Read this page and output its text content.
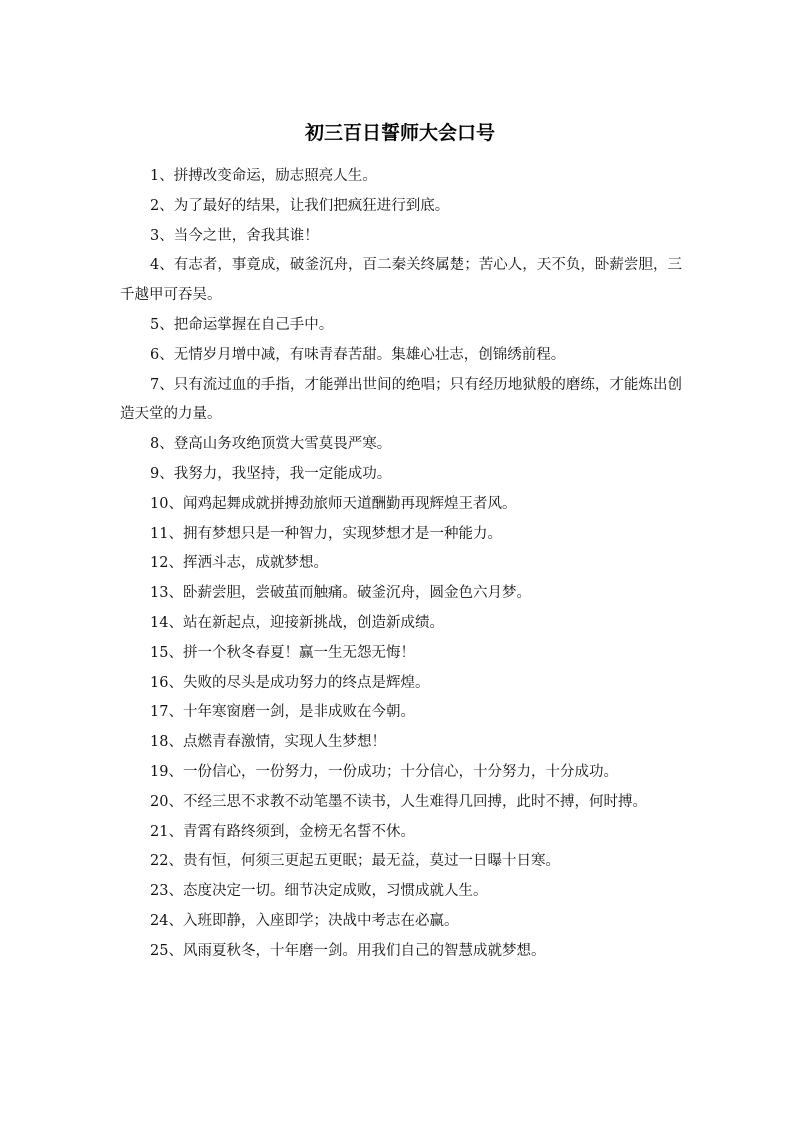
初三百日誓师大会口号
1、拼搏改变命运，励志照亮人生。
2、为了最好的结果，让我们把疯狂进行到底。
3、当今之世，舍我其谁！
4、有志者，事竟成，破釜沉舟，百二秦关终属楚；苦心人，天不负，卧薪尝胆，三千越甲可吞吴。
5、把命运掌握在自己手中。
6、无情岁月增中减，有味青春苦甜。集雄心壮志，创锦绣前程。
7、只有流过血的手指，才能弹出世间的绝唱；只有经历地狱般的磨练，才能炼出创造天堂的力量。
8、登高山务攻绝顶赏大雪莫畏严寒。
9、我努力，我坚持，我一定能成功。
10、闻鸡起舞成就拼搏劲旅师天道酬勤再现辉煌王者风。
11、拥有梦想只是一种智力，实现梦想才是一种能力。
12、挥洒斗志，成就梦想。
13、卧薪尝胆，尝破茧而触痛。破釜沉舟，圆金色六月梦。
14、站在新起点，迎接新挑战，创造新成绩。
15、拼一个秋冬春夏！赢一生无怨无悔！
16、失败的尽头是成功努力的终点是辉煌。
17、十年寒窗磨一剑，是非成败在今朝。
18、点燃青春激情，实现人生梦想！
19、一份信心，一份努力，一份成功；十分信心，十分努力，十分成功。
20、不经三思不求教不动笔墨不读书，人生难得几回搏，此时不搏，何时搏。
21、青霄有路终须到，金榜无名誓不休。
22、贵有恒，何须三更起五更眠；最无益，莫过一日曝十日寒。
23、态度决定一切。细节决定成败，习惯成就人生。
24、入班即静，入座即学；决战中考志在必赢。
25、风雨夏秋冬，十年磨一剑。用我们自己的智慧成就梦想。
